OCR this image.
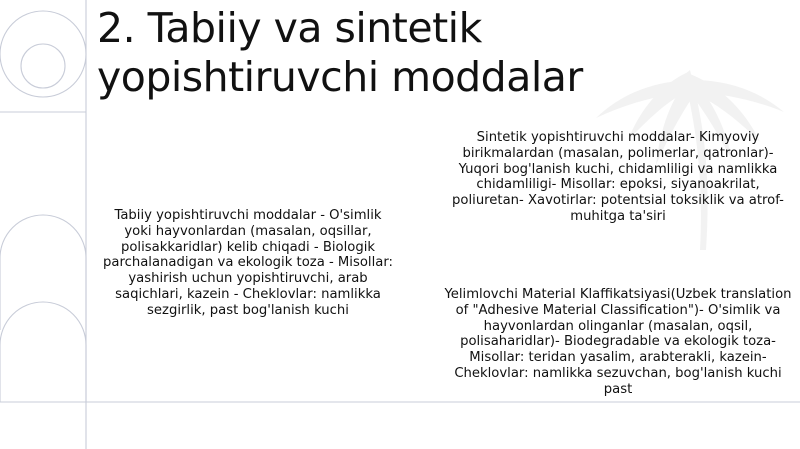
2. Tabiiy va sintetik
yopishtiruvchi moddalar
Tabiiy yopishtiruvchi moddalar - O'simlik yoki hayvonlardan (masalan, oqsillar, polisakkaridlar) kelib chiqadi - Biologik parchalanadigan va ekologik toza - Misollar: yashirish uchun yopishtiruvchi, arab saqichlari, kazein - Cheklovlar: namlikka sezgirlik, past bog'lanish kuchi
Sintetik yopishtiruvchi moddalar- Kimyoviy birikmalardan (masalan, polimerlar, qatronlar)- Yuqori bog'lanish kuchi, chidamliligi va namlikka chidamliligi- Misollar: epoksi, siyanoakrilat, poliuretan- Xavotirlar: potentsial toksiklik va atrof-muhitga ta'siri
Yelimlovchi Material Klaffikatsiyasi(Uzbek translation of "Adhesive Material Classification")- O'simlik va hayvonlardan olinganlar (masalan, oqsil, polisaharidlar)- Biodegradable va ekologik toza- Misollar: teridan yasalim, arabterakli, kazein- Cheklovlar: namlikka sezuvchan, bog'lanish kuchi past
